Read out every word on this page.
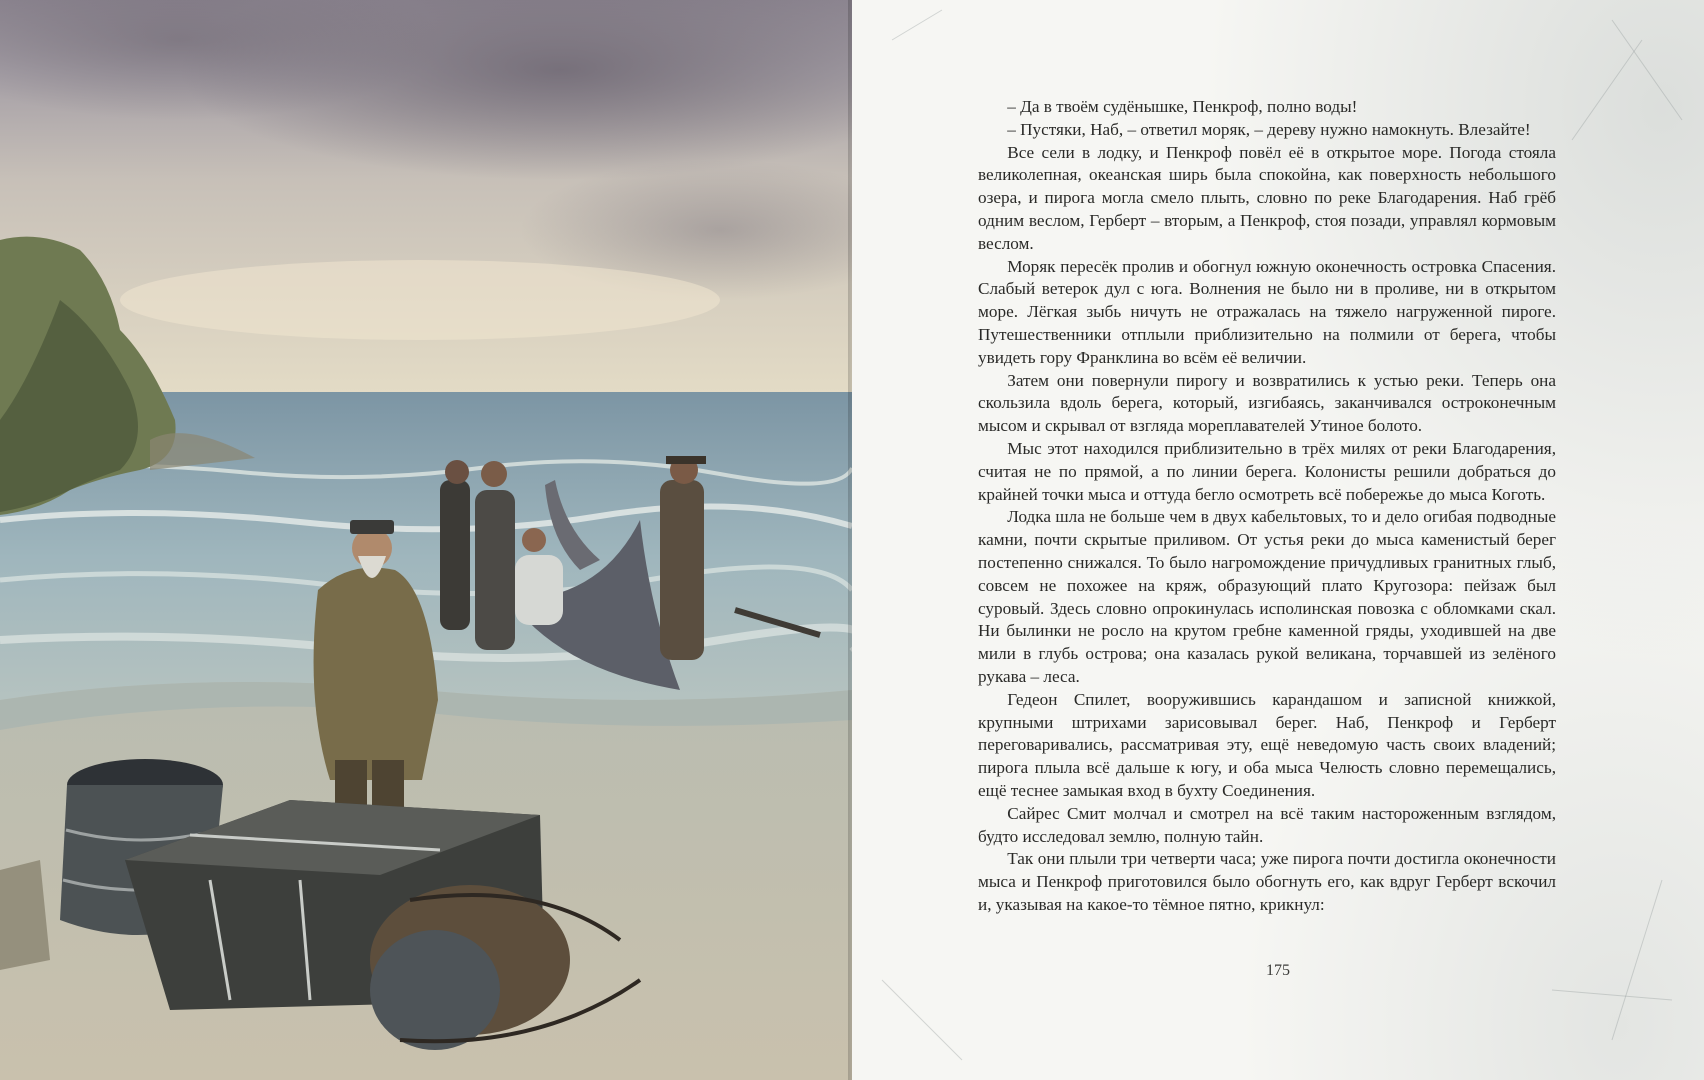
– Да в твоём судёнышке, Пенкроф, полно воды!

– Пустяки, Наб, – ответил моряк, – дереву нужно намокнуть. Влезайте!

Все сели в лодку, и Пенкроф повёл её в открытое море. Погода стояла великолепная, океанская ширь была спокойна, как поверхность небольшого озера, и пирога могла смело плыть, словно по реке Благодарения. Наб грёб одним веслом, Герберт – вторым, а Пенкроф, стоя позади, управлял кормовым веслом.

Моряк пересёк пролив и обогнул южную оконечность островка Спасения. Слабый ветерок дул с юга. Волнения не было ни в проливе, ни в открытом море. Лёгкая зыбь ничуть не отражалась на тяжело нагруженной пироге. Путешественники отплыли приблизительно на полмили от берега, чтобы увидеть гору Франклина во всём её величии.

Затем они повернули пирогу и возвратились к устью реки. Теперь она скользила вдоль берега, который, изгибаясь, заканчивался остроконечным мысом и скрывал от взгляда мореплавателей Утиное болото.

Мыс этот находился приблизительно в трёх милях от реки Благодарения, считая не по прямой, а по линии берега. Колонисты решили добраться до крайней точки мыса и оттуда бегло осмотреть всё побережье до мыса Коготь.

Лодка шла не больше чем в двух кабельтовых, то и дело огибая подводные камни, почти скрытые приливом. От устья реки до мыса каменистый берег постепенно снижался. То было нагромождение причудливых гранитных глыб, совсем не похожее на кряж, образующий плато Кругозора: пейзаж был суровый. Здесь словно опрокинулась исполинская повозка с обломками скал. Ни былинки не росло на крутом гребне каменной гряды, уходившей на две мили в глубь острова; она казалась рукой великана, торчавшей из зелёного рукава – леса.

Гедеон Спилет, вооружившись карандашом и записной книжкой, крупными штрихами зарисовывал берег. Наб, Пенкроф и Герберт переговаривались, рассматривая эту, ещё неведомую часть своих владений; пирога плыла всё дальше к югу, и оба мыса Челюсть словно перемещались, ещё теснее замыкая вход в бухту Соединения.

Сайрес Смит молчал и смотрел на всё таким настороженным взглядом, будто исследовал землю, полную тайн.

Так они плыли три четверти часа; уже пирога почти достигла оконечности мыса и Пенкроф приготовился было обогнуть его, как вдруг Герберт вскочил и, указывая на какое-то тёмное пятно, крикнул:

175
